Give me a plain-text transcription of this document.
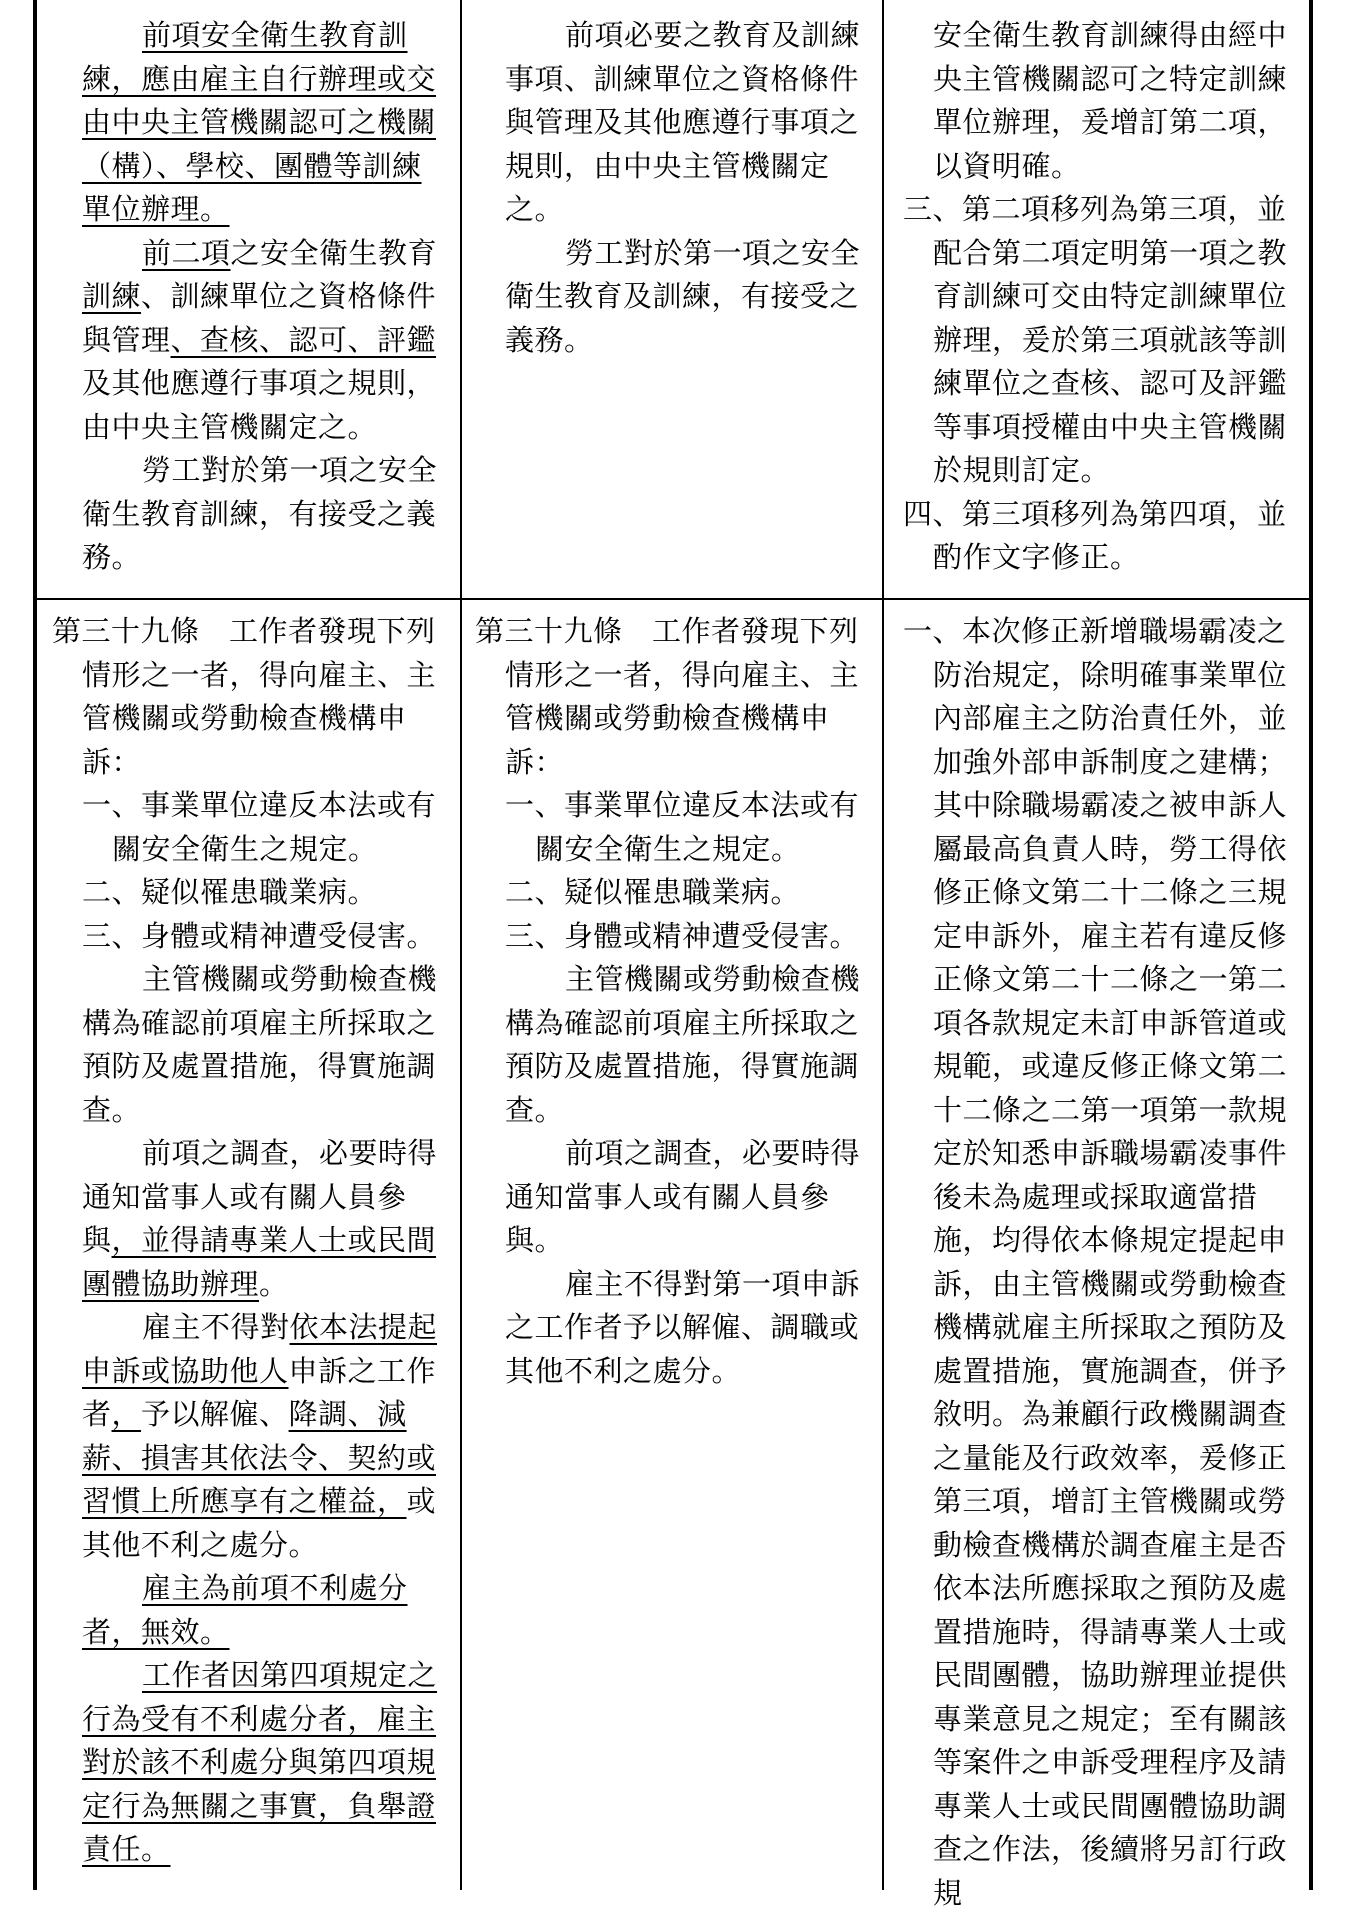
前項安全衛生教育訓練，應由雇主自行辦理或交由中央主管機關認可之機關（構）、學校、團體等訓練單位辦理。

前二項之安全衛生教育訓練、訓練單位之資格條件與管理、查核、認可、評鑑及其他應遵行事項之規則，由中央主管機關定之。

勞工對於第一項之安全衛生教育訓練，有接受之義務。

前項必要之教育及訓練事項、訓練單位之資格條件與管理及其他應遵行事項之規則，由中央主管機關定之。

勞工對於第一項之安全衛生教育及訓練，有接受之義務。

安全衛生教育訓練得由經中央主管機關認可之特定訓練單位辦理，爰增訂第二項，以資明確。

三、第二項移列為第三項，並配合第二項定明第一項之教育訓練可交由特定訓練單位辦理，爰於第三項就該等訓練單位之查核、認可及評鑑等事項授權由中央主管機關於規則訂定。

四、第三項移列為第四項，並酌作文字修正。

第三十九條　工作者發現下列情形之一者，得向雇主、主管機關或勞動檢查機構申訴：

一、事業單位違反本法或有關安全衛生之規定。

二、疑似罹患職業病。

三、身體或精神遭受侵害。

主管機關或勞動檢查機構為確認前項雇主所採取之預防及處置措施，得實施調查。

前項之調查，必要時得通知當事人或有關人員參與，並得請專業人士或民間團體協助辦理。

雇主不得對依本法提起申訴或協助他人申訴之工作者，予以解僱、降調、減薪、損害其依法令、契約或習慣上所應享有之權益，或其他不利之處分。

雇主為前項不利處分者，無效。

工作者因第四項規定之行為受有不利處分者，雇主對於該不利處分與第四項規定行為無關之事實，負舉證責任。

第三十九條　工作者發現下列情形之一者，得向雇主、主管機關或勞動檢查機構申訴：

一、事業單位違反本法或有關安全衛生之規定。

二、疑似罹患職業病。

三、身體或精神遭受侵害。

主管機關或勞動檢查機構為確認前項雇主所採取之預防及處置措施，得實施調查。

前項之調查，必要時得通知當事人或有關人員參與。

雇主不得對第一項申訴之工作者予以解僱、調職或其他不利之處分。

一、本次修正新增職場霸凌之防治規定，除明確事業單位內部雇主之防治責任外，並加強外部申訴制度之建構；其中除職場霸凌之被申訴人屬最高負責人時，勞工得依修正條文第二十二條之三規定申訴外，雇主若有違反修正條文第二十二條之一第二項各款規定未訂申訴管道或規範，或違反修正條文第二十二條之二第一項第一款規定於知悉申訴職場霸凌事件後未為處理或採取適當措施，均得依本條規定提起申訴，由主管機關或勞動檢查機構就雇主所採取之預防及處置措施，實施調查，併予敘明。為兼顧行政機關調查之量能及行政效率，爰修正第三項，增訂主管機關或勞動檢查機構於調查雇主是否依本法所應採取之預防及處置措施時，得請專業人士或民間團體，協助辦理並提供專業意見之規定；至有關該等案件之申訴受理程序及請專業人士或民間團體協助調查之作法，後續將另訂行政規
